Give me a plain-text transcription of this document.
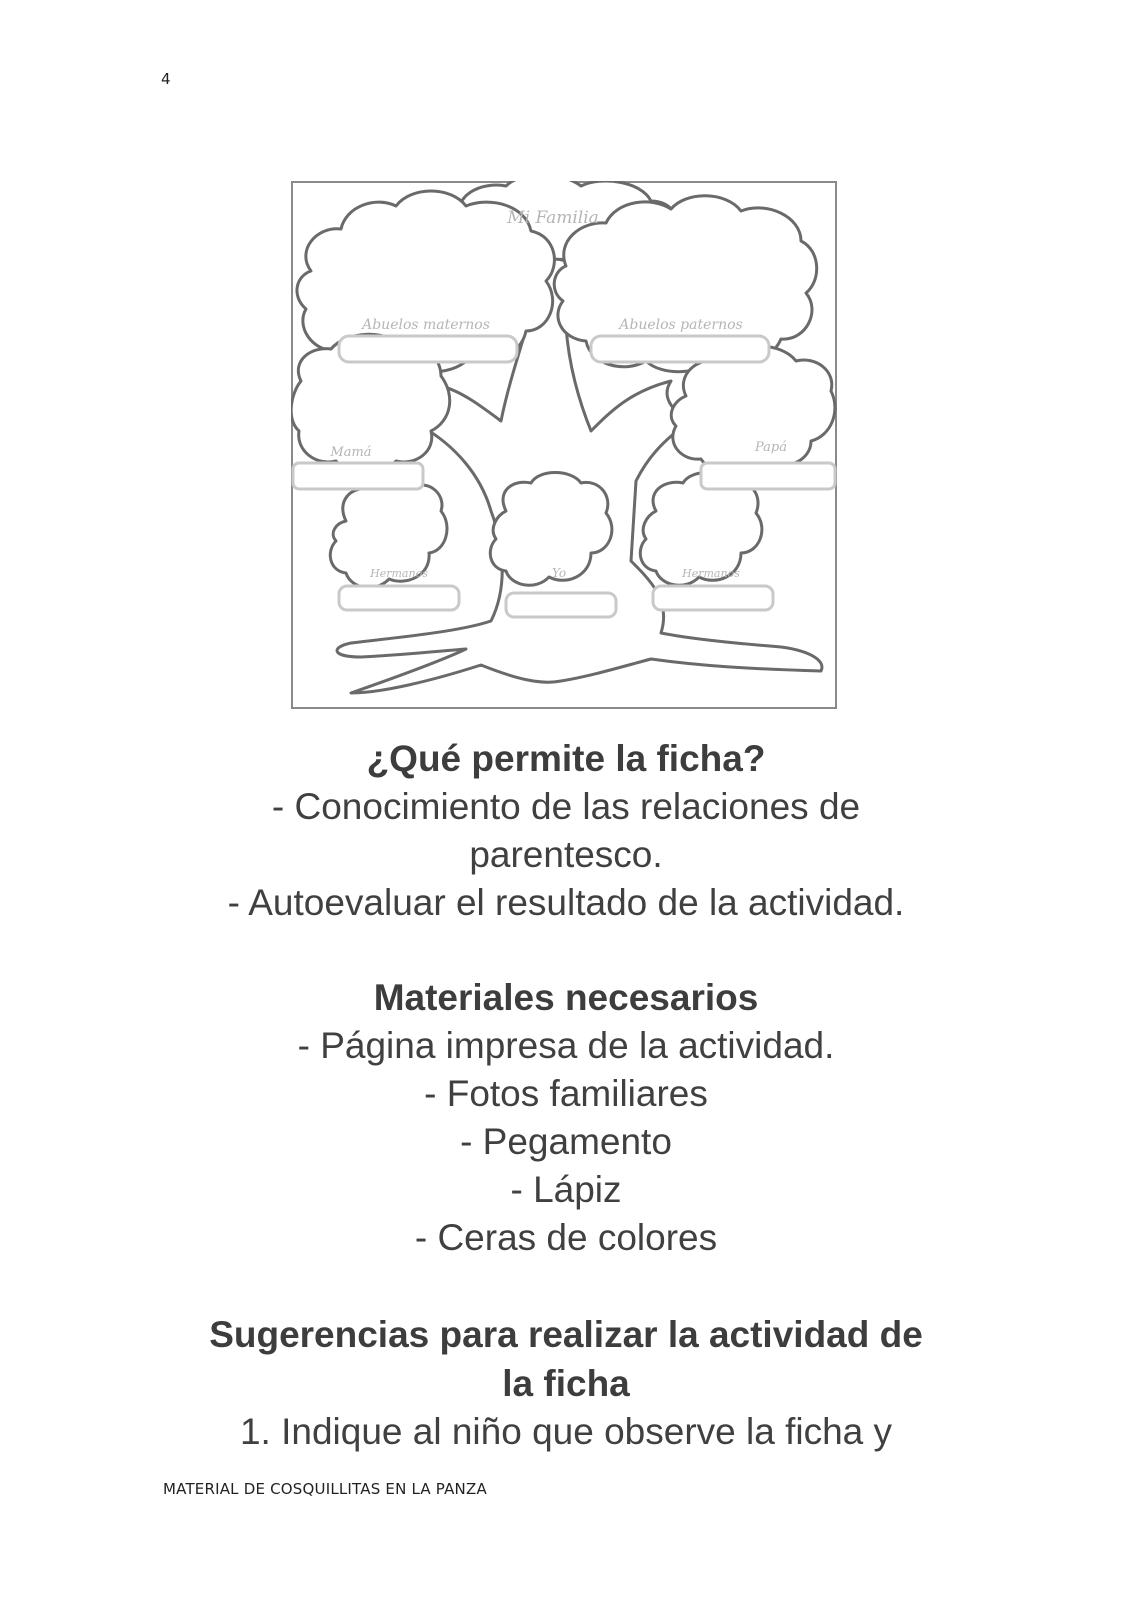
4
Mi Familia
Abuelos maternos	Abuelos paternos
Mamá	Papá
Hermanos	Yo	Hermanos
¿Qué permite la ficha?

- Conocimiento de las relaciones de

parentesco.

- Autoevaluar el resultado de la actividad.

Materiales necesarios

- Página impresa de la actividad.

- Fotos familiares

- Pegamento

- Lápiz

- Ceras de colores

Sugerencias para realizar la actividad de
la ficha

1. Indique al niño que observe la ficha y

MATERIAL DE COSQUILLITAS EN LA PANZA
